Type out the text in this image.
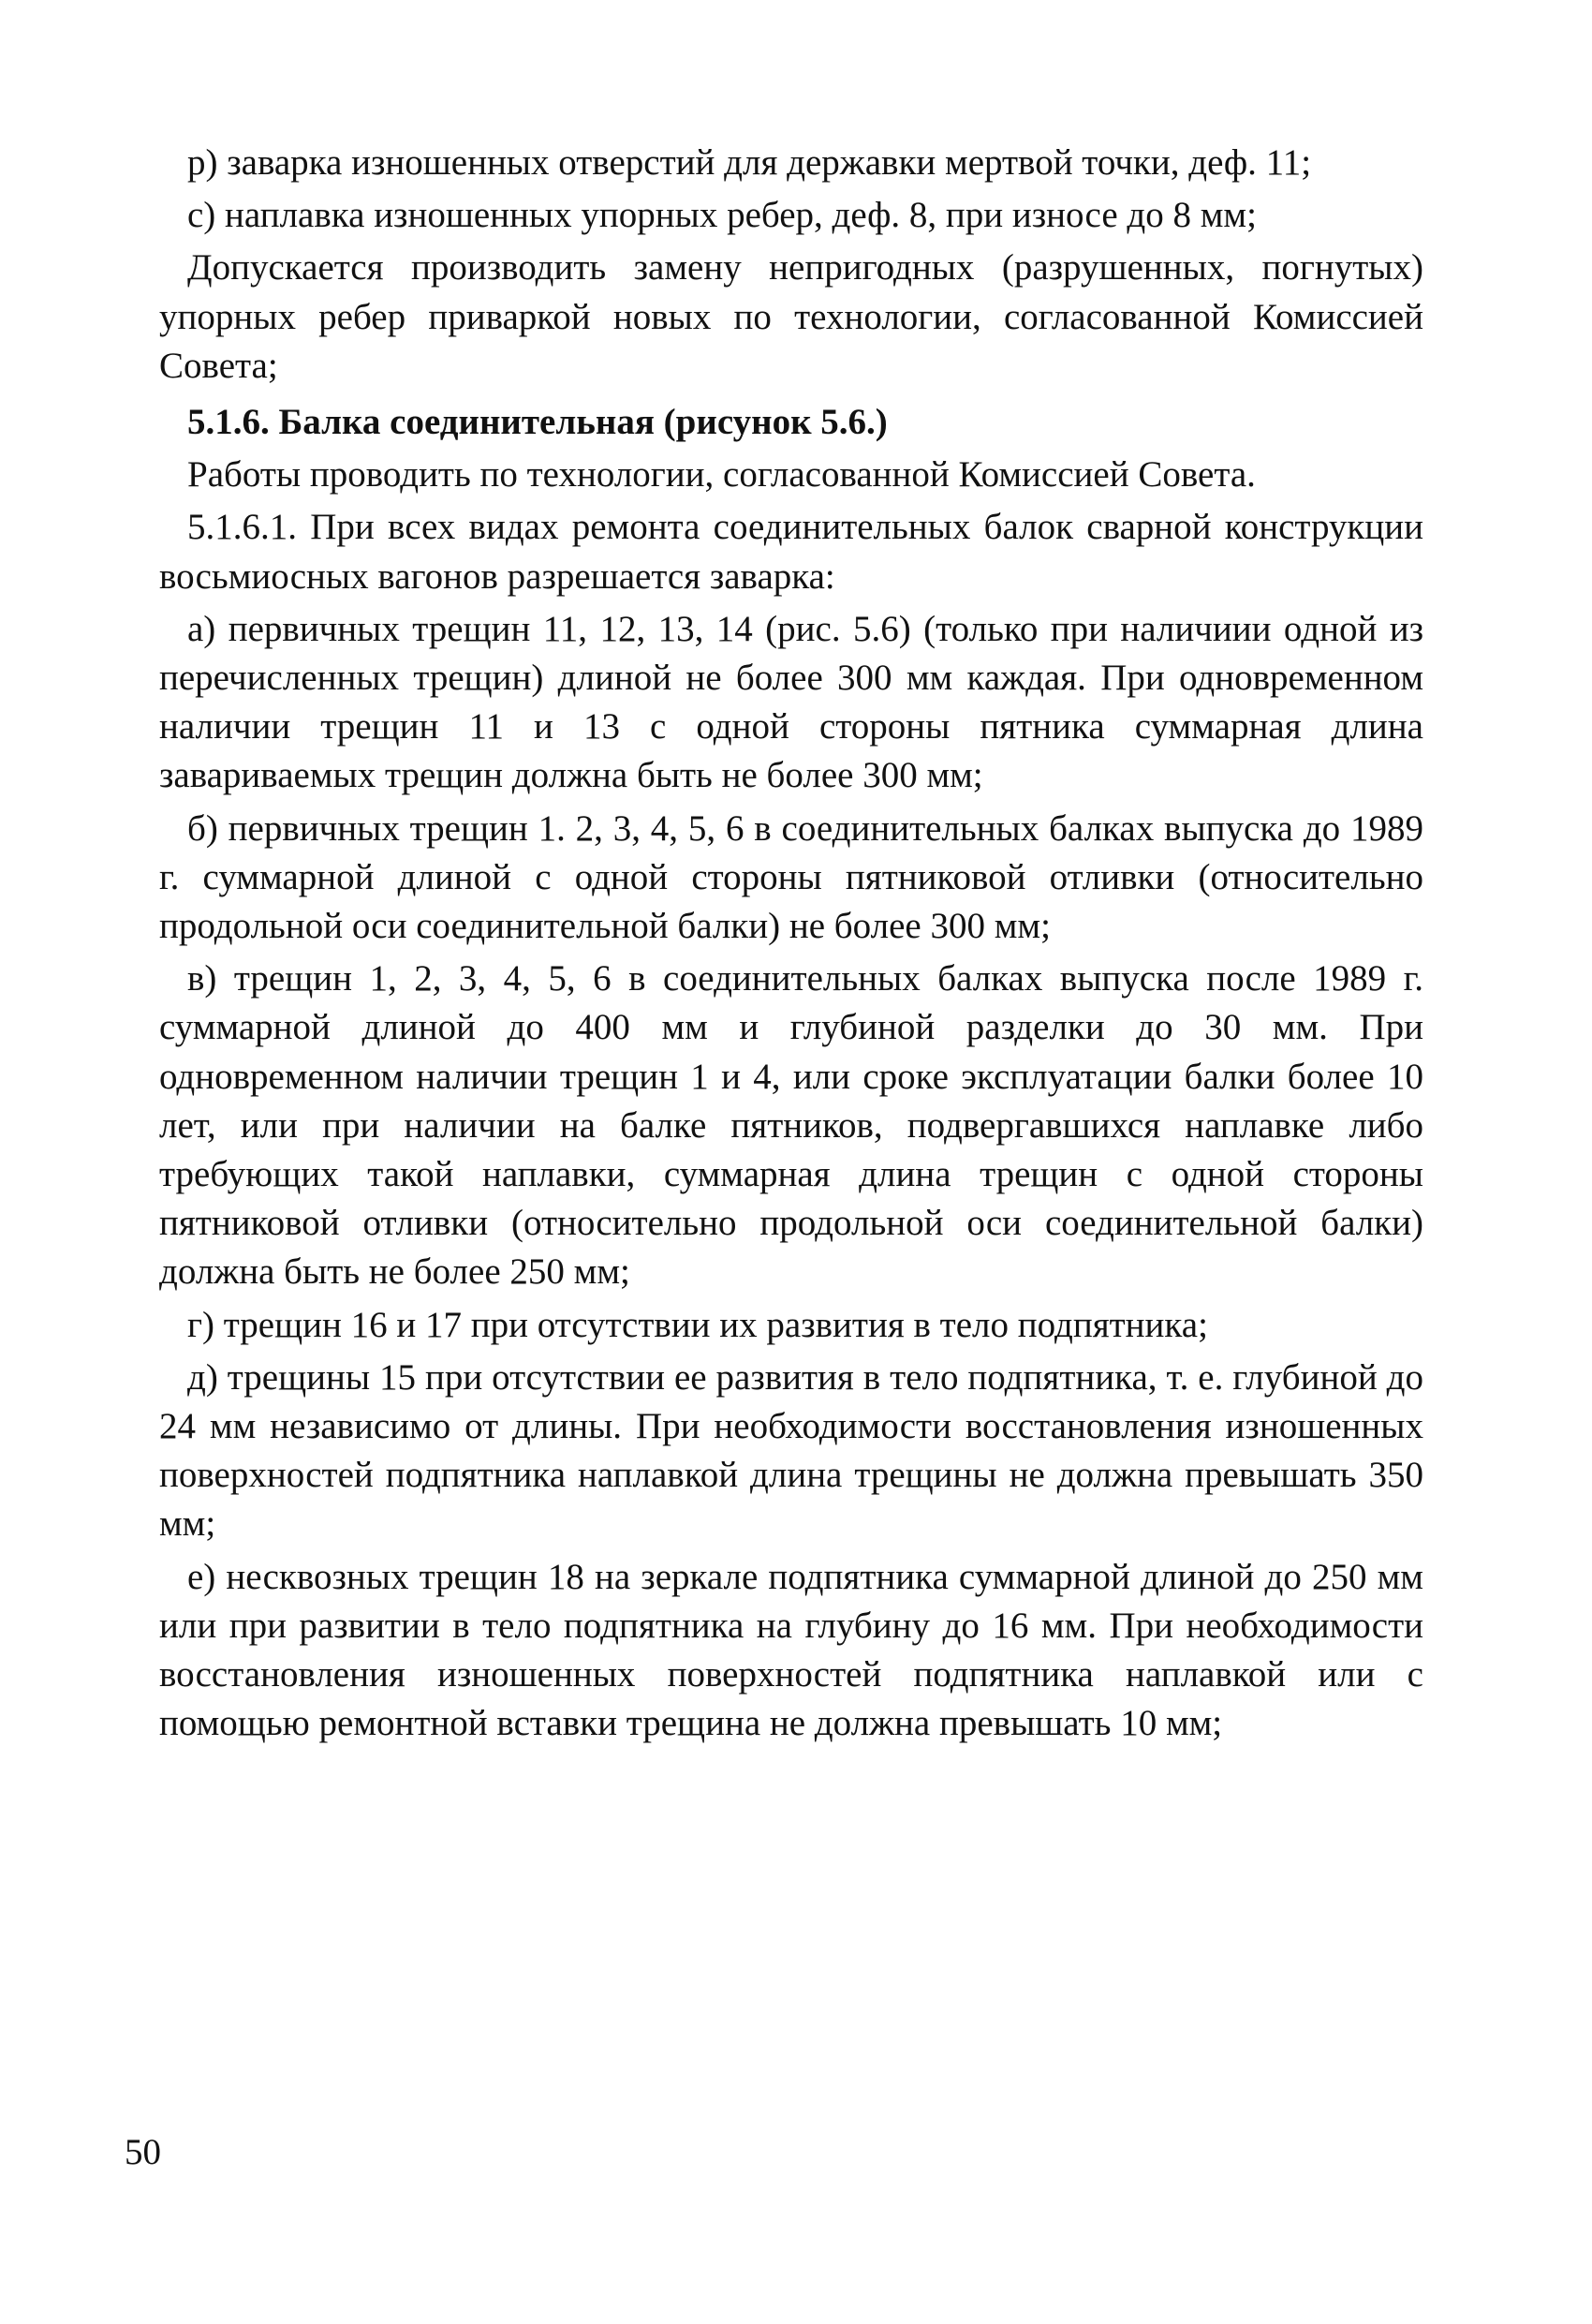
р) заварка изношенных отверстий для державки мертвой точки, деф. 11;

с) наплавка изношенных упорных ребер, деф. 8, при износе до 8 мм;

Допускается производить замену непригодных (разрушенных, погнутых) упорных ребер приваркой новых по технологии, согласованной Комиссией Совета;

5.1.6. Балка соединительная (рисунок 5.6.)

Работы проводить по технологии, согласованной Комиссией Совета.

5.1.6.1. При всех видах ремонта соединительных балок сварной конструкции восьмиосных вагонов разрешается заварка:

а) первичных трещин 11, 12, 13, 14 (рис. 5.6) (только при наличиии одной из перечисленных трещин) длиной не более 300 мм каждая. При одновременном наличии трещин 11 и 13 с одной стороны пятника суммарная длина завариваемых трещин должна быть не более 300 мм;

б) первичных трещин 1. 2, 3, 4, 5, 6 в соединительных балках выпуска до 1989 г. суммарной длиной с одной стороны пятниковой отливки (относительно продольной оси соединительной балки) не более 300 мм;

в) трещин 1, 2, 3, 4, 5, 6 в соединительных балках выпуска после 1989 г. суммарной длиной до 400 мм и глубиной разделки до 30 мм. При одновременном наличии трещин 1 и 4, или сроке эксплуатации балки более 10 лет, или при наличии на балке пятников, подвергавшихся наплавке либо требующих такой наплавки, суммарная длина трещин с одной стороны пятниковой отливки (относительно продольной оси соединительной балки) должна быть не более 250 мм;

г) трещин 16 и 17 при отсутствии их развития в тело подпятника;

д) трещины 15 при отсутствии ее развития в тело подпятника, т. е. глубиной до 24 мм независимо от длины. При необходимости восстановления изношенных поверхностей подпятника наплавкой длина трещины не должна превышать 350 мм;

е) несквозных трещин 18 на зеркале подпятника суммарной длиной до 250 мм или при развитии в тело подпятника на глубину до 16 мм. При необходимости восстановления изношенных поверхностей подпятника наплавкой или с помощью ремонтной вставки трещина не должна превышать 10 мм;

50
